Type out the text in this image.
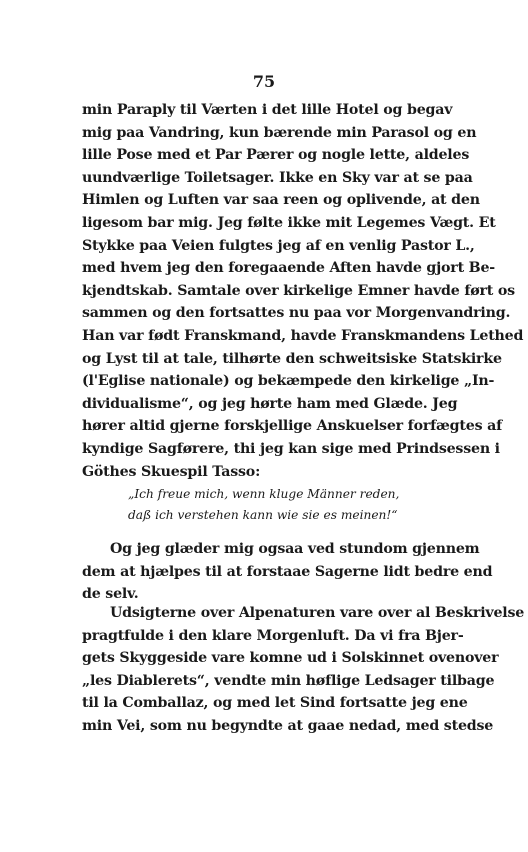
75
min Paraply til Værten i det lille Hotel og begav
mig paa Vandring, kun bærende min Parasol og en
lille Pose med et Par Pærer og nogle lette, aldeles
uundværlige Toiletsager. Ikke en Sky var at se paa
Himlen og Luften var saa reen og oplivende, at den
ligesom bar mig. Jeg følte ikke mit Legemes Vægt. Et
Stykke paa Veien fulgtes jeg af en venlig Pastor L.,
med hvem jeg den foregaaende Aften havde gjort Be-
kjendtskab. Samtale over kirkelige Emner havde ført os
sammen og den fortsattes nu paa vor Morgenvandring.
Han var født Franskmand, havde Franskmandens Lethed
og Lyst til at tale, tilhørte den schweitsiske Statskirke
(l'Eglise nationale) og bekæmpede den kirkelige „In-
dividualisme“, og jeg hørte ham med Glæde. Jeg
hører altid gjerne forskjellige Anskuelser forfægtes af
kyndige Sagførere, thi jeg kan sige med Prindsessen i
Göthes Skuespil Tasso:
„Ich freue mich, wenn kluge Männer reden,
daß ich verstehen kann wie sie es meinen!“
Og jeg glæder mig ogsaa ved stundom gjennem
dem at hjælpes til at forstaae Sagerne lidt bedre end
de selv.
Udsigterne over Alpenaturen vare over al Beskrivelse
pragtfulde i den klare Morgenluft. Da vi fra Bjer-
gets Skyggeside vare komne ud i Solskinnet ovenover
„les Diablerets“, vendte min høflige Ledsager tilbage
til la Comballaz, og med let Sind fortsatte jeg ene
min Vei, som nu begyndte at gaae nedad, med stedse
